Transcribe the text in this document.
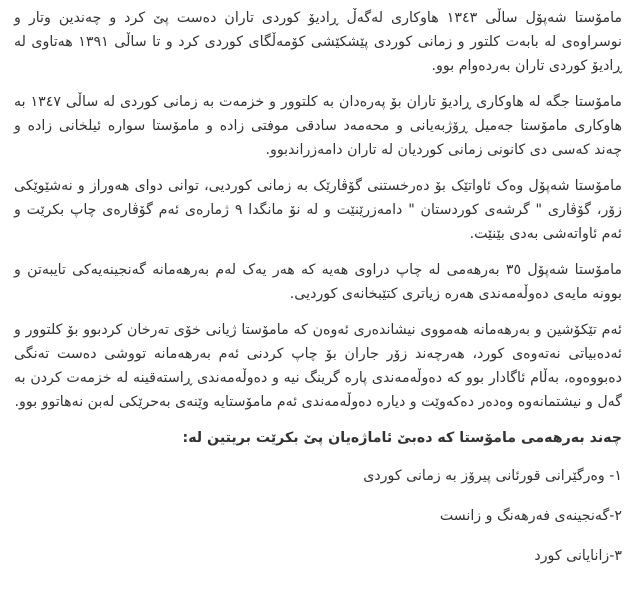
مامۆستا شەپۆل ساڵی ١٣٤٣ هاوکاری لەگەڵ ڕادیۆ کوردی تاران دەست پێ کرد و چەندین وتار و نوسراوەی لە بابەت کلتور و زمانی کوردی پێشکێشی کۆمەڵگای کوردی کرد و تا ساڵی ١٣٩١ هەتاوی لە ڕادیۆ کوردی تاران بەردەوام بوو.

مامۆستا جگە لە هاوکاری ڕادیۆ تاران بۆ پەرەدان بە کلتوور و خزمەت بە زمانی کوردی لە ساڵی ١٣٤٧ بە هاوکاری مامۆستا جەمیل ڕۆژبەیانی و محەمەد سادقی موفتی زادە و مامۆستا سوارە ئیلخانی زادە و چەند کەسی دی کانونی زمانی کوردیان لە تاران دامەزراندبوو.

مامۆستا شەپۆل وەک ئاواتێک بۆ دەرخستنی گۆڤارێک بە زمانی کوردیی، توانی دوای هەوراز و نەشێوێکی زۆر، گۆڤاری " گرشەی کوردستان " دامەزرێنێت و لە نۆ مانگدا ٩ ژمارەی ئەم گۆڤارەی چاپ بکرێت و ئەم ئاواتەشی بەدی بێنێت.

مامۆستا شەپۆل ٣٥ بەرهەمی لە چاپ دراوی هەیە کە هەر یەک لەم بەرهەمانە گەنجینەیەکی تایبەتن و بوونە مایەی دەوڵەمەندی هەرە زیاتری کتێبخانەی کوردیی.

ئەم تێکۆشین و بەرهەمانە هەمووی نیشاندەری ئەوەن کە مامۆستا ژیانی خۆی تەرخان کردبوو بۆ کلتوور و ئەدەبیاتی نەتەوەی کورد، هەرچەند زۆر جاران بۆ چاپ کردنی ئەم بەرهەمانە تووشی دەست تەنگی دەبووەوە، بەڵام ئاگادار بوو کە دەوڵەمەندی پارە گرینگ نیە و دەوڵەمەندی ڕاستەقینە لە خزمەت کردن بە گەل و نیشتمانەوە وەدەر دەکەوێت و دیارە دەوڵەمەندی ئەم مامۆستایە وێنەی بەحرێکی لەبن نەهاتوو بوو.

چەند بەرهەمی مامۆستا کە دەبێ ئاماژەیان پێ بکرێت بریتین لە:

١- وەرگێرانی قورئانی پیرۆز بە زمانی کوردی
٢-گەنجینەی فەرهەنگ و زانست
٣-زانایانی کورد
